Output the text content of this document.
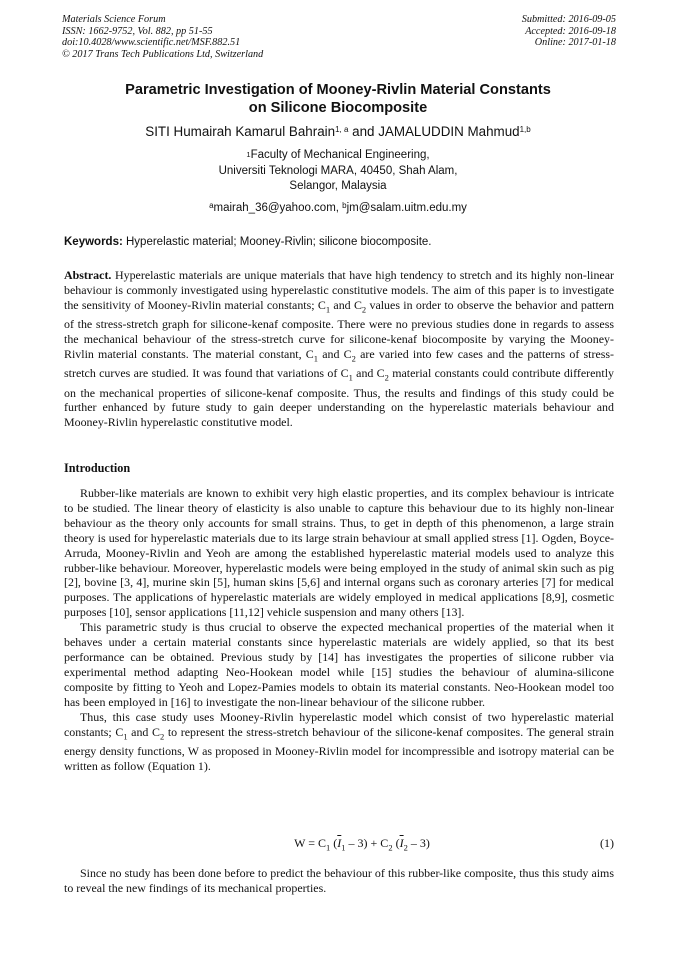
Materials Science Forum
ISSN: 1662-9752, Vol. 882, pp 51-55
doi:10.4028/www.scientific.net/MSF.882.51
© 2017 Trans Tech Publications Ltd, Switzerland
Submitted: 2016-09-05
Accepted: 2016-09-18
Online: 2017-01-18
Parametric Investigation of Mooney-Rivlin Material Constants
on Silicone Biocomposite
SITI Humairah Kamarul Bahrain$^{1, a}$ and JAMALUDDIN Mahmud$^{1,b}$
$^1$Faculty of Mechanical Engineering,
Universiti Teknologi MARA, 40450, Shah Alam,
Selangor, Malaysia
$^a$mairah_36@yahoo.com, $^b$jm@salam.uitm.edu.my
Keywords: Hyperelastic material; Mooney-Rivlin; silicone biocomposite.

Abstract. Hyperelastic materials are unique materials that have high tendency to stretch and its highly non-linear behaviour is commonly investigated using hyperelastic constitutive models. The aim of this paper is to investigate the sensitivity of Mooney-Rivlin material constants; $C_1$ and $C_2$ values in order to observe the behavior and pattern of the stress-stretch graph for silicone-kenaf composite. There were no previous studies done in regards to assess the mechanical behaviour of the stress-stretch curve for silicone-kenaf biocomposite by varying the Mooney-Rivlin material constants. The material constant, $C_1$ and $C_2$ are varied into few cases and the patterns of stress-stretch curves are studied. It was found that variations of $C_1$ and $C_2$ material constants could contribute differently on the mechanical properties of silicone-kenaf composite. Thus, the results and findings of this study could be further enhanced by future study to gain deeper understanding on the hyperelastic materials behaviour and Mooney-Rivlin hyperelastic constitutive model.

Introduction

Rubber-like materials are known to exhibit very high elastic properties, and its complex behaviour is intricate to be studied. The linear theory of elasticity is also unable to capture this behaviour due to its highly non-linear behaviour as the theory only accounts for small strains. Thus, to get in depth of this phenomenon, a large strain theory is used for hyperelastic materials due to its large strain behaviour at small applied stress [1]. Ogden, Boyce-Arruda, Mooney-Rivlin and Yeoh are among the established hyperelastic material models used to analyze this rubber-like behaviour. Moreover, hyperelastic models were being employed in the study of animal skin such as pig [2], bovine [3, 4], murine skin [5], human skins [5,6] and internal organs such as coronary arteries [7] for medical purposes. The applications of hyperelastic materials are widely employed in medical applications [8,9], cosmetic purposes [10], sensor applications [11,12] vehicle suspension and many others [13].

This parametric study is thus crucial to observe the expected mechanical properties of the material when it behaves under a certain material constants since hyperelastic materials are widely applied, so that its best performance can be obtained. Previous study by [14] has investigates the properties of silicone rubber via experimental method adapting Neo-Hookean model while [15] studies the behaviour of alumina-silicone composite by fitting to Yeoh and Lopez-Pamies models to obtain its material constants. Neo-Hookean model too has been employed in [16] to investigate the non-linear behaviour of the silicone rubber.

Thus, this case study uses Mooney-Rivlin hyperelastic model which consist of two hyperelastic material constants; $C_1$ and $C_2$ to represent the stress-stretch behaviour of the silicone-kenaf composites. The general strain energy density functions, W as proposed in Mooney-Rivlin model for incompressible and isotropy material can be written as follow (Equation 1).

$W = C_1$ $(\overline{I}_1 - 3) + C_2$ $(\overline{I}_2 - 3)$	(1)

Since no study has been done before to predict the behaviour of this rubber-like composite, thus this study aims to reveal the new findings of its mechanical properties.
